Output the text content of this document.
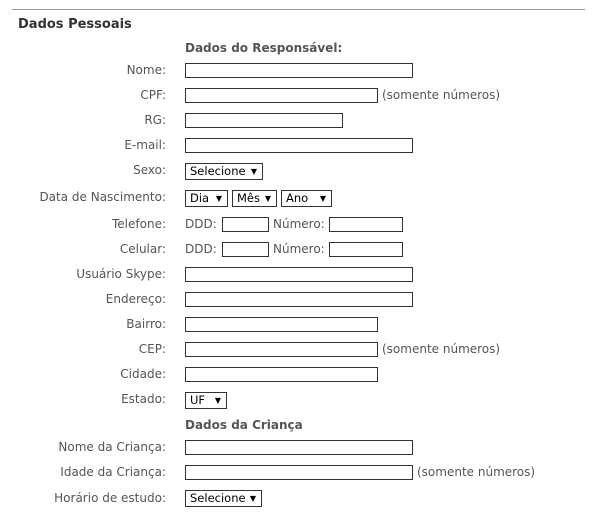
Dados Pessoais
Dados do Responsável:
Nome:
CPF:	(somente números)
RG:
E-mail:
Sexo:	Selecione ▼
Data de Nascimento:	Dia ▼	Mês ▼	Ano ▼
Telefone: DDD:	Número:
Celular: DDD:	Número:
Usuário Skype:
Endereço:
Bairro:
CEP:	(somente números)
Cidade:
Estado:	UF ▼
Dados da Criança
Nome da Criança:
Idade da Criança:	(somente números)
Horário de estudo:	Selecione ▼
